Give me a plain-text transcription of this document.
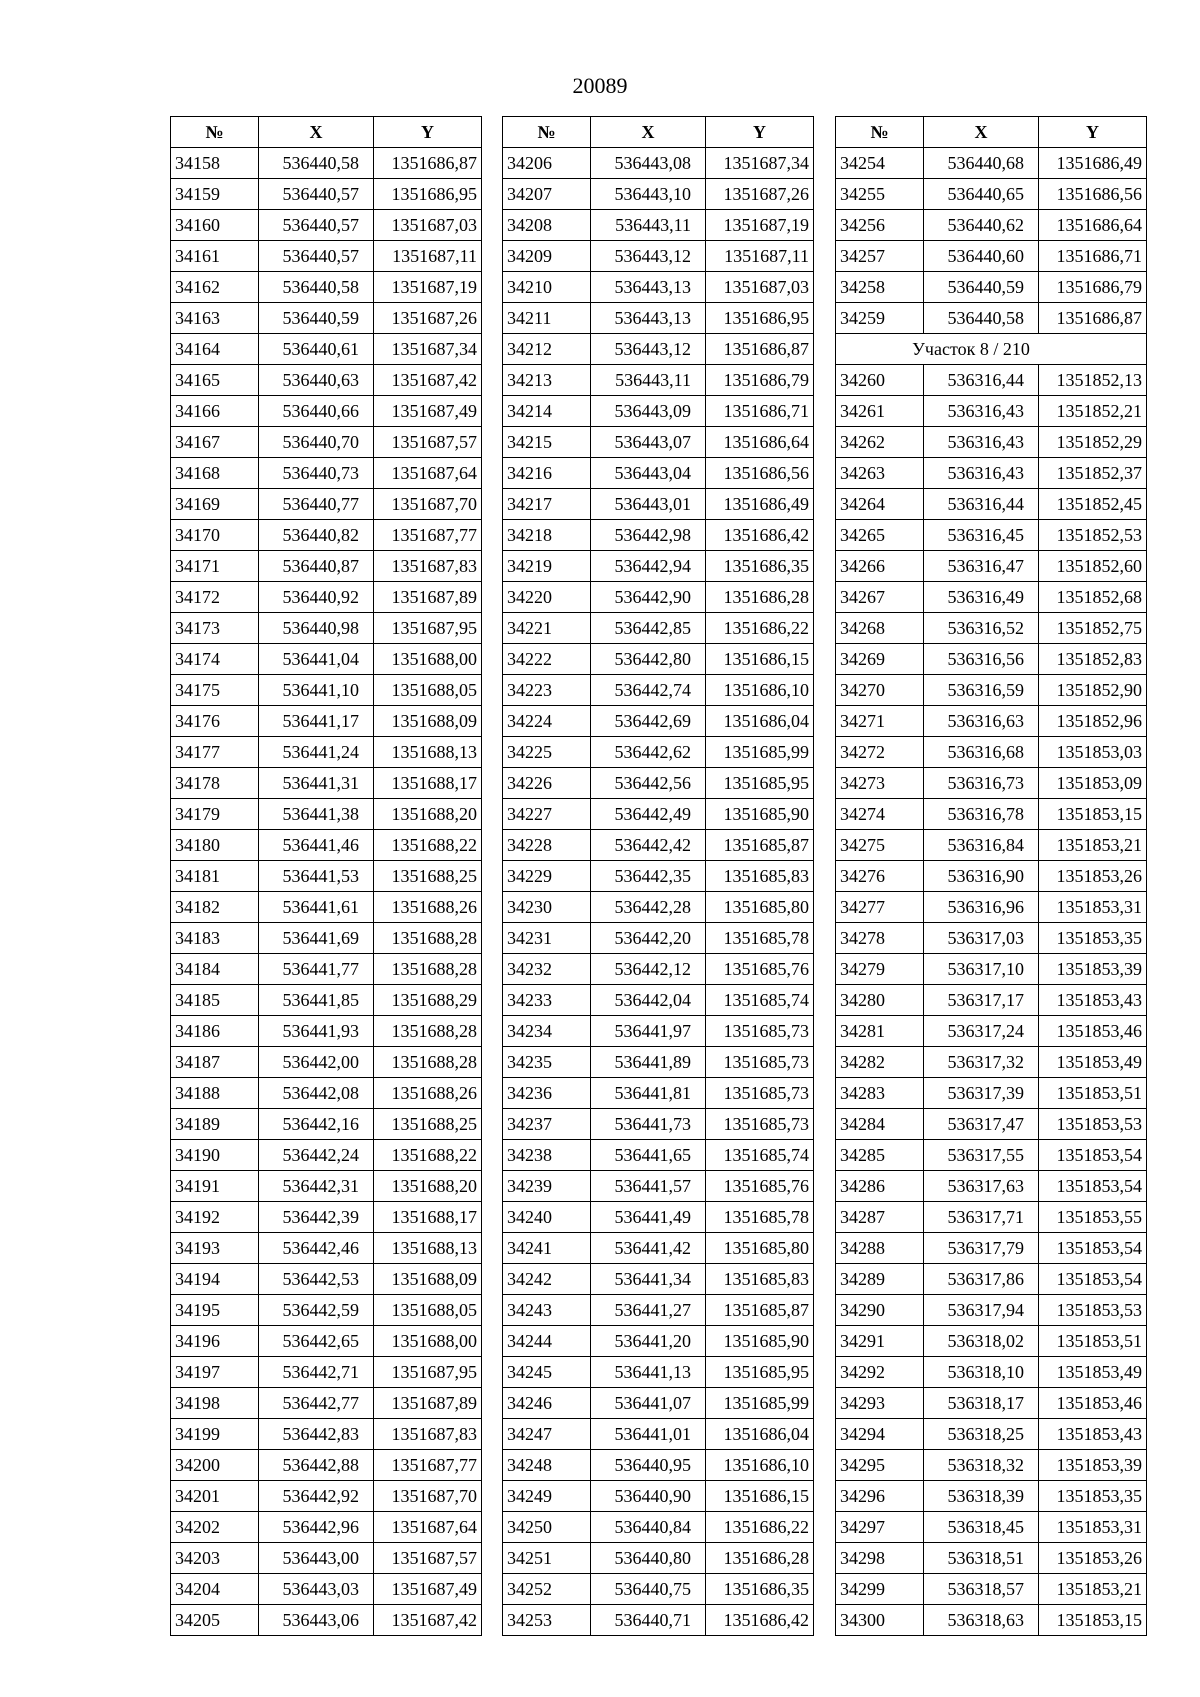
20089
№	X	Y
34158	536440,58	1351686,87
34159	536440,57	1351686,95
34160	536440,57	1351687,03
34161	536440,57	1351687,11
34162	536440,58	1351687,19
34163	536440,59	1351687,26
34164	536440,61	1351687,34
34165	536440,63	1351687,42
34166	536440,66	1351687,49
34167	536440,70	1351687,57
34168	536440,73	1351687,64
34169	536440,77	1351687,70
34170	536440,82	1351687,77
34171	536440,87	1351687,83
34172	536440,92	1351687,89
34173	536440,98	1351687,95
34174	536441,04	1351688,00
34175	536441,10	1351688,05
34176	536441,17	1351688,09
34177	536441,24	1351688,13
34178	536441,31	1351688,17
34179	536441,38	1351688,20
34180	536441,46	1351688,22
34181	536441,53	1351688,25
34182	536441,61	1351688,26
34183	536441,69	1351688,28
34184	536441,77	1351688,28
34185	536441,85	1351688,29
34186	536441,93	1351688,28
34187	536442,00	1351688,28
34188	536442,08	1351688,26
34189	536442,16	1351688,25
34190	536442,24	1351688,22
34191	536442,31	1351688,20
34192	536442,39	1351688,17
34193	536442,46	1351688,13
34194	536442,53	1351688,09
34195	536442,59	1351688,05
34196	536442,65	1351688,00
34197	536442,71	1351687,95
34198	536442,77	1351687,89
34199	536442,83	1351687,83
34200	536442,88	1351687,77
34201	536442,92	1351687,70
34202	536442,96	1351687,64
34203	536443,00	1351687,57
34204	536443,03	1351687,49
34205	536443,06	1351687,42
№	X	Y
34206	536443,08	1351687,34
34207	536443,10	1351687,26
34208	536443,11	1351687,19
34209	536443,12	1351687,11
34210	536443,13	1351687,03
34211	536443,13	1351686,95
34212	536443,12	1351686,87
34213	536443,11	1351686,79
34214	536443,09	1351686,71
34215	536443,07	1351686,64
34216	536443,04	1351686,56
34217	536443,01	1351686,49
34218	536442,98	1351686,42
34219	536442,94	1351686,35
34220	536442,90	1351686,28
34221	536442,85	1351686,22
34222	536442,80	1351686,15
34223	536442,74	1351686,10
34224	536442,69	1351686,04
34225	536442,62	1351685,99
34226	536442,56	1351685,95
34227	536442,49	1351685,90
34228	536442,42	1351685,87
34229	536442,35	1351685,83
34230	536442,28	1351685,80
34231	536442,20	1351685,78
34232	536442,12	1351685,76
34233	536442,04	1351685,74
34234	536441,97	1351685,73
34235	536441,89	1351685,73
34236	536441,81	1351685,73
34237	536441,73	1351685,73
34238	536441,65	1351685,74
34239	536441,57	1351685,76
34240	536441,49	1351685,78
34241	536441,42	1351685,80
34242	536441,34	1351685,83
34243	536441,27	1351685,87
34244	536441,20	1351685,90
34245	536441,13	1351685,95
34246	536441,07	1351685,99
34247	536441,01	1351686,04
34248	536440,95	1351686,10
34249	536440,90	1351686,15
34250	536440,84	1351686,22
34251	536440,80	1351686,28
34252	536440,75	1351686,35
34253	536440,71	1351686,42
№	X	Y
34254	536440,68	1351686,49
34255	536440,65	1351686,56
34256	536440,62	1351686,64
34257	536440,60	1351686,71
34258	536440,59	1351686,79
34259	536440,58	1351686,87
Участок 8 / 210		
34260	536316,44	1351852,13
34261	536316,43	1351852,21
34262	536316,43	1351852,29
34263	536316,43	1351852,37
34264	536316,44	1351852,45
34265	536316,45	1351852,53
34266	536316,47	1351852,60
34267	536316,49	1351852,68
34268	536316,52	1351852,75
34269	536316,56	1351852,83
34270	536316,59	1351852,90
34271	536316,63	1351852,96
34272	536316,68	1351853,03
34273	536316,73	1351853,09
34274	536316,78	1351853,15
34275	536316,84	1351853,21
34276	536316,90	1351853,26
34277	536316,96	1351853,31
34278	536317,03	1351853,35
34279	536317,10	1351853,39
34280	536317,17	1351853,43
34281	536317,24	1351853,46
34282	536317,32	1351853,49
34283	536317,39	1351853,51
34284	536317,47	1351853,53
34285	536317,55	1351853,54
34286	536317,63	1351853,54
34287	536317,71	1351853,55
34288	536317,79	1351853,54
34289	536317,86	1351853,54
34290	536317,94	1351853,53
34291	536318,02	1351853,51
34292	536318,10	1351853,49
34293	536318,17	1351853,46
34294	536318,25	1351853,43
34295	536318,32	1351853,39
34296	536318,39	1351853,35
34297	536318,45	1351853,31
34298	536318,51	1351853,26
34299	536318,57	1351853,21
34300	536318,63	1351853,15
